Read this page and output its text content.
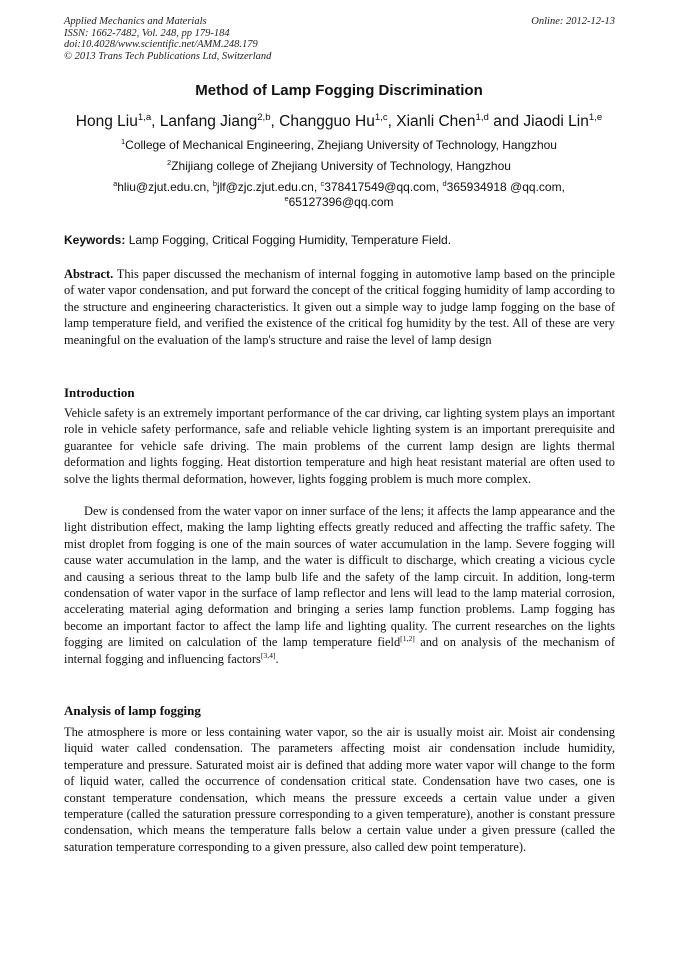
Applied Mechanics and Materials
ISSN: 1662-7482, Vol. 248, pp 179-184
doi:10.4028/www.scientific.net/AMM.248.179
© 2013 Trans Tech Publications Ltd, Switzerland
Online: 2012-12-13
Method of Lamp Fogging Discrimination
Hong Liu$^{1,a}$, Lanfang Jiang$^{2,b}$, Changguo Hu$^{1,c}$, Xianli Chen$^{1,d}$ and Jiaodi Lin$^{1,e}$
$^1$College of Mechanical Engineering, Zhejiang University of Technology, Hangzhou
$^2$Zhijiang college of Zhejiang University of Technology, Hangzhou
$^a$hliu@zjut.edu.cn, $^b$jlf@zjc.zjut.edu.cn, $^c$378417549@qq.com, $^d$365934918 @qq.com,
$^e$65127396@qq.com
Keywords: Lamp Fogging, Critical Fogging Humidity, Temperature Field.

Abstract. This paper discussed the mechanism of internal fogging in automotive lamp based on the principle of water vapor condensation, and put forward the concept of the critical fogging humidity of lamp according to the structure and engineering characteristics. It given out a simple way to judge lamp fogging on the base of lamp temperature field, and verified the existence of the critical fog humidity by the test. All of these are very meaningful on the evaluation of the lamp's structure and raise the level of lamp design

Introduction

Vehicle safety is an extremely important performance of the car driving, car lighting system plays an important role in vehicle safety performance, safe and reliable vehicle lighting system is an important prerequisite and guarantee for vehicle safe driving. The main problems of the current lamp design are lights thermal deformation and lights fogging. Heat distortion temperature and high heat resistant material are often used to solve the lights thermal deformation, however, lights fogging problem is much more complex.

Dew is condensed from the water vapor on inner surface of the lens; it affects the lamp appearance and the light distribution effect, making the lamp lighting effects greatly reduced and affecting the traffic safety. The mist droplet from fogging is one of the main sources of water accumulation in the lamp. Severe fogging will cause water accumulation in the lamp, and the water is difficult to discharge, which creating a vicious cycle and causing a serious threat to the lamp bulb life and the safety of the lamp circuit. In addition, long-term condensation of water vapor in the surface of lamp reflector and lens will lead to the lamp material corrosion, accelerating material aging deformation and bringing a series lamp function problems. Lamp fogging has become an important factor to affect the lamp life and lighting quality. The current researches on the lights fogging are limited on calculation of the lamp temperature field[1,2] and on analysis of the mechanism of internal fogging and influencing factors[3,4].

Analysis of lamp fogging

The atmosphere is more or less containing water vapor, so the air is usually moist air. Moist air condensing liquid water called condensation. The parameters affecting moist air condensation include humidity, temperature and pressure. Saturated moist air is defined that adding more water vapor will change to the form of liquid water, called the occurrence of condensation critical state. Condensation have two cases, one is constant temperature condensation, which means the pressure exceeds a certain value under a given temperature (called the saturation pressure corresponding to a given temperature), another is constant pressure condensation, which means the temperature falls below a certain value under a given pressure (called the saturation temperature corresponding to a given pressure, also called dew point temperature).
